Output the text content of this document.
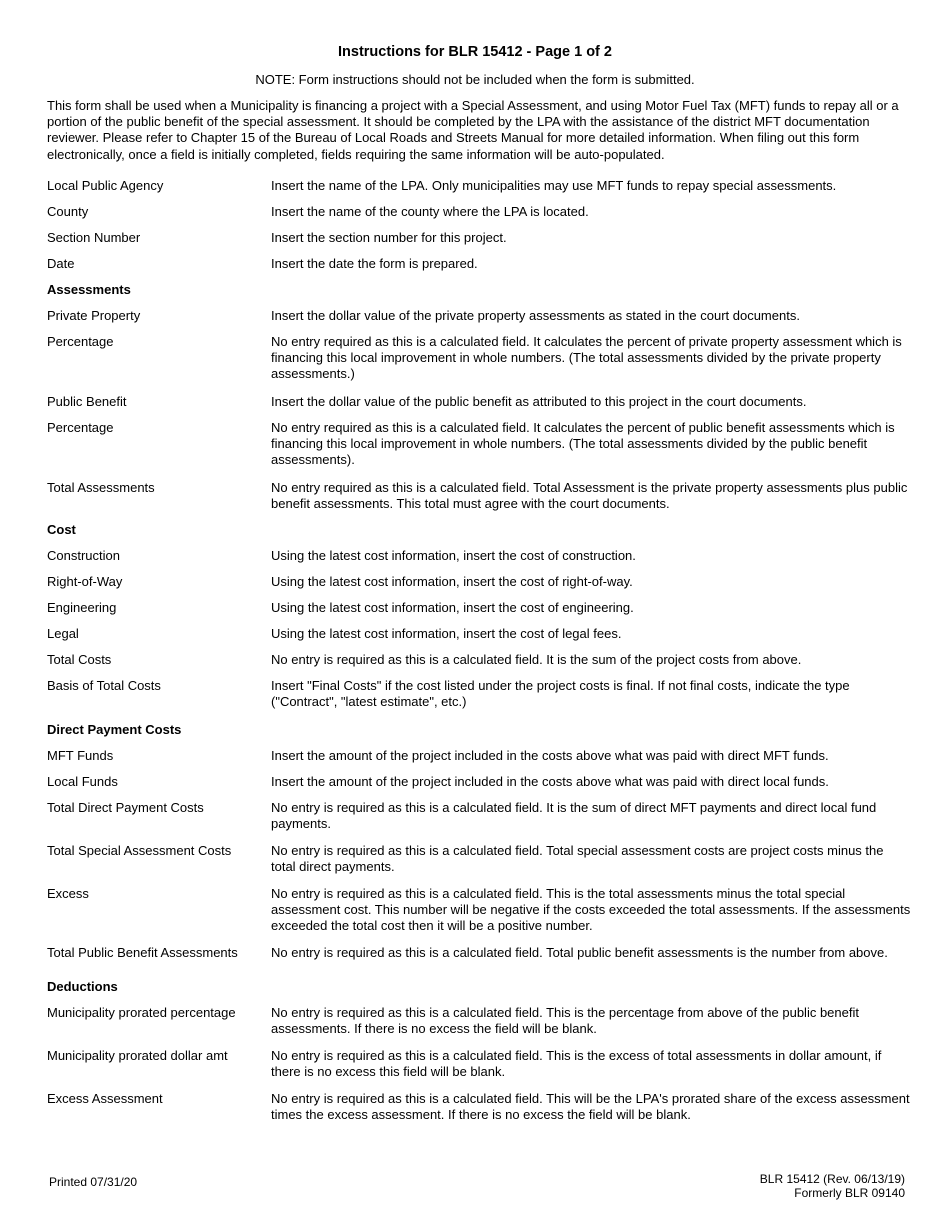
Instructions for BLR 15412 - Page 1 of 2
NOTE: Form instructions should not be included when the form is submitted.
This form shall be used when a Municipality is financing a project with a Special Assessment, and using Motor Fuel Tax (MFT) funds to repay all or a portion of the public benefit of the special assessment. It should be completed by the LPA with the assistance of the district MFT documentation reviewer. Please refer to Chapter 15 of the Bureau of Local Roads and Streets Manual for more detailed information. When filing out this form electronically, once a field is initially completed, fields requiring the same information will be auto-populated.
Local Public Agency	Insert the name of the LPA. Only municipalities may use MFT funds to repay special assessments.
County	Insert the name of the county where the LPA is located.
Section Number	Insert the section number for this project.
Date	Insert the date the form is prepared.
Assessments
Private Property	Insert the dollar value of the private property assessments as stated in the court documents.
Percentage	No entry required as this is a calculated field. It calculates the percent of private property assessment which is financing this local improvement in whole numbers. (The total assessments divided by the private property assessments.)
Public Benefit	Insert the dollar value of the public benefit as attributed to this project in the court documents.
Percentage	No entry required as this is a calculated field. It calculates the percent of public benefit assessments which is financing this local improvement in whole numbers. (The total assessments divided by the public benefit assessments).
Total Assessments	No entry required as this is a calculated field. Total Assessment is the private property assessments plus public benefit assessments. This total must agree with the court documents.
Cost
Construction	Using the latest cost information, insert the cost of construction.
Right-of-Way	Using the latest cost information, insert the cost of right-of-way.
Engineering	Using the latest cost information, insert the cost of engineering.
Legal	Using the latest cost information, insert the cost of legal fees.
Total Costs	No entry is required as this is a calculated field. It is the sum of the project costs from above.
Basis of Total Costs	Insert "Final Costs" if the cost listed under the project costs is final. If not final costs, indicate the type ("Contract", "latest estimate", etc.)
Direct Payment Costs
MFT Funds	Insert the amount of the project included in the costs above what was paid with direct MFT funds.
Local Funds	Insert the amount of the project included in the costs above what was paid with direct local funds.
Total Direct Payment Costs	No entry is required as this is a calculated field. It is the sum of direct MFT payments and direct local fund payments.
Total Special Assessment Costs	No entry is required as this is a calculated field. Total special assessment costs are project costs minus the total direct payments.
Excess	No entry is required as this is a calculated field. This is the total assessments minus the total special assessment cost. This number will be negative if the costs exceeded the total assessments. If the assessments exceeded the total cost then it will be a positive number.
Total Public Benefit Assessments	No entry is required as this is a calculated field. Total public benefit assessments is the number from above.
Deductions
Municipality prorated percentage	No entry is required as this is a calculated field. This is the percentage from above of the public benefit assessments. If there is no excess the field will be blank.
Municipality prorated dollar amt	No entry is required as this is a calculated field. This is the excess of total assessments in dollar amount, if there is no excess this field will be blank.
Excess Assessment	No entry is required as this is a calculated field. This will be the LPA's prorated share of the excess assessment times the excess assessment. If there is no excess the field will be blank.
Printed 07/31/20	BLR 15412 (Rev. 06/13/19)
Formerly BLR 09140
